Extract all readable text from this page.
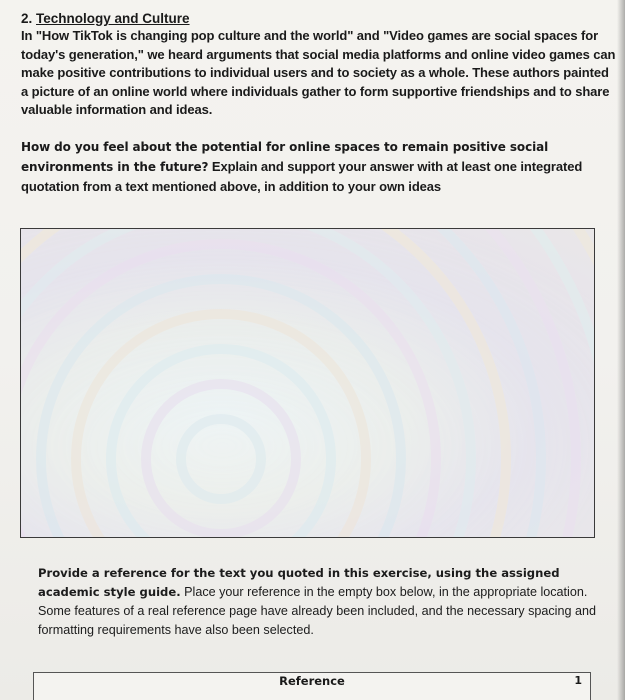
2. Technology and Culture

In "How TikTok is changing pop culture and the world" and "Video games are social spaces for today's generation," we heard arguments that social media platforms and online video games can make positive contributions to individual users and to society as a whole. These authors painted a picture of an online world where individuals gather to form supportive friendships and to share valuable information and ideas.

How do you feel about the potential for online spaces to remain positive social environments in the future? Explain and support your answer with at least one integrated quotation from a text mentioned above, in addition to your own ideas

Provide a reference for the text you quoted in this exercise, using the assigned academic style guide. Place your reference in the empty box below, in the appropriate location. Some features of a real reference page have already been included, and the necessary spacing and formatting requirements have also been selected.

Reference	1
